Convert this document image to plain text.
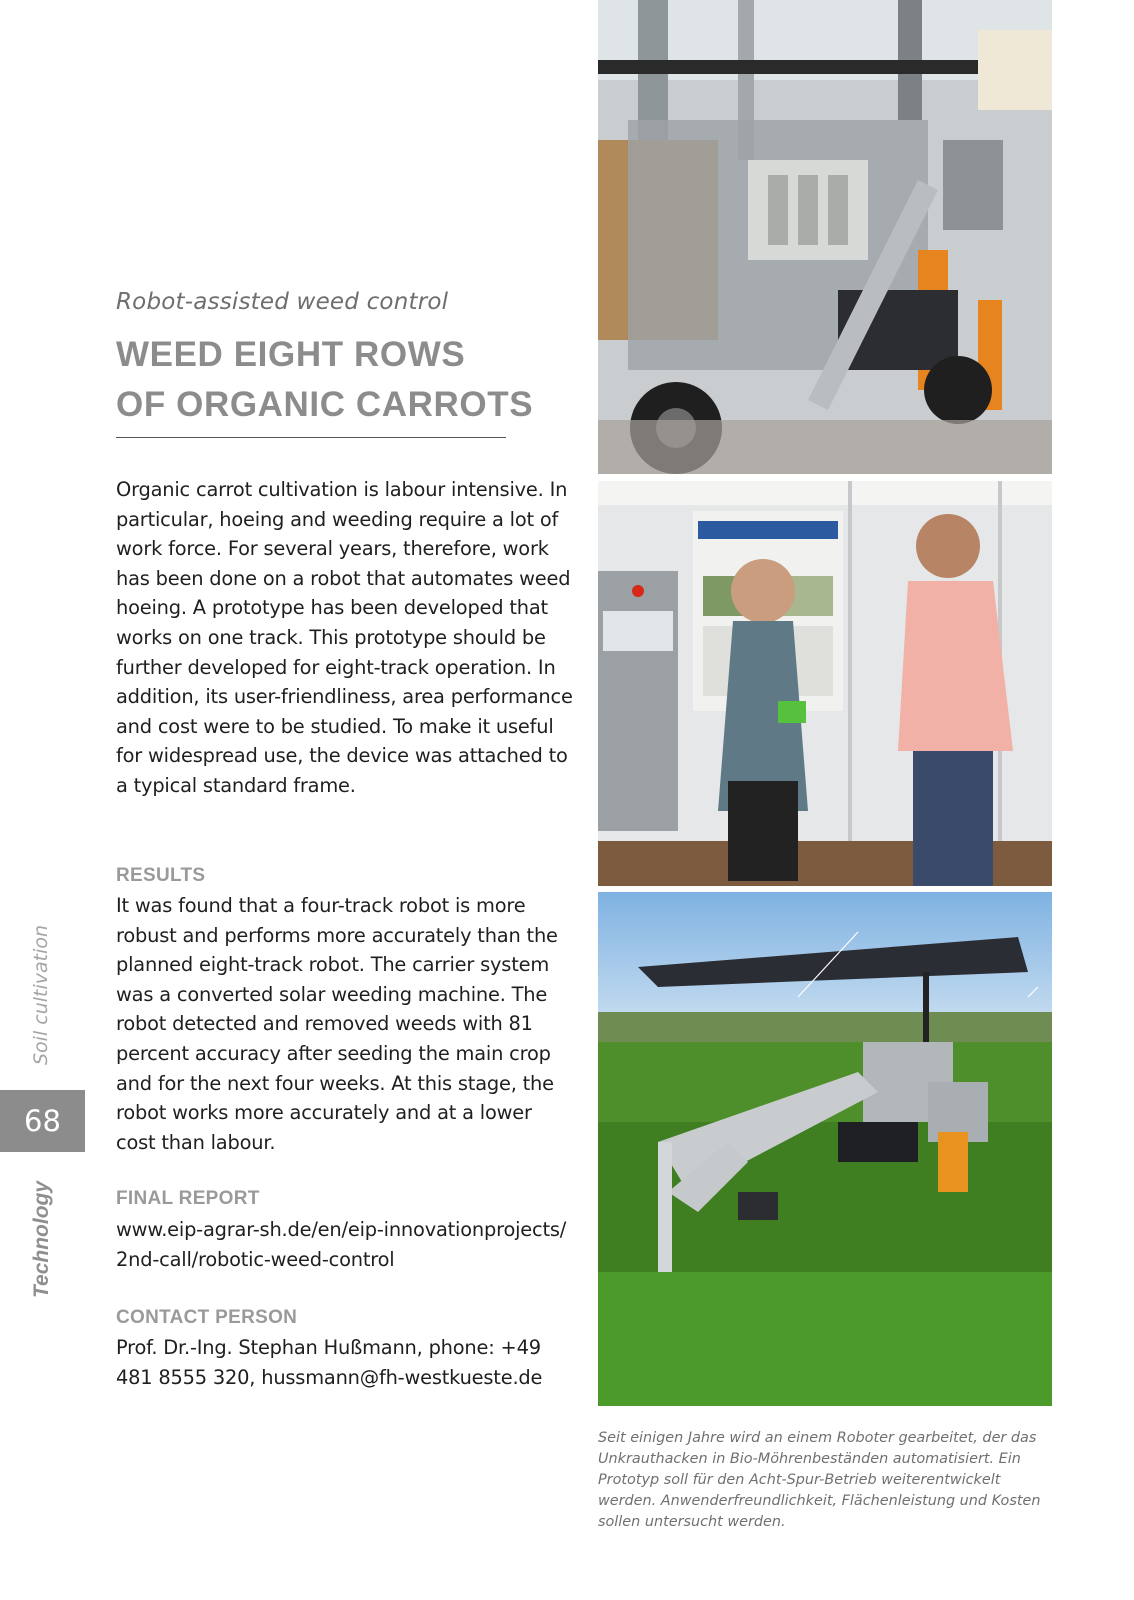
Robot-assisted weed control
WEED EIGHT ROWS
OF ORGANIC CARROTS
Organic carrot cultivation is labour intensive. In particular, hoeing and weeding require a lot of work force. For several years, therefore, work has been done on a robot that automates weed hoeing. A prototype has been developed that works on one track. This prototype should be further developed for eight-track operation. In addition, its user-friendliness, area performance and cost were to be studied. To make it useful for widespread use, the device was attached to a typical standard frame.
RESULTS
It was found that a four-track robot is more robust and performs more accurately than the planned eight-track robot. The carrier system was a converted solar weeding machine. The robot detected and removed weeds with 81 percent accuracy after seeding the main crop and for the next four weeks. At this stage, the robot works more accurately and at a lower cost than labour.
FINAL REPORT
www.eip-agrar-sh.de/en/eip-innovationprojects/
2nd-call/robotic-weed-control
CONTACT PERSON
Prof. Dr.-Ing. Stephan Hußmann, phone: +49 481 8555 320, hussmann@fh-westkueste.de
Soil cultivation
68
Technology
Seit einigen Jahre wird an einem Roboter gearbeitet, der das Unkrauthacken in Bio-Möhrenbeständen automatisiert. Ein Prototyp soll für den Acht-Spur-Betrieb weiterentwickelt werden. Anwenderfreundlichkeit, Flächenleistung und Kosten sollen untersucht werden.
